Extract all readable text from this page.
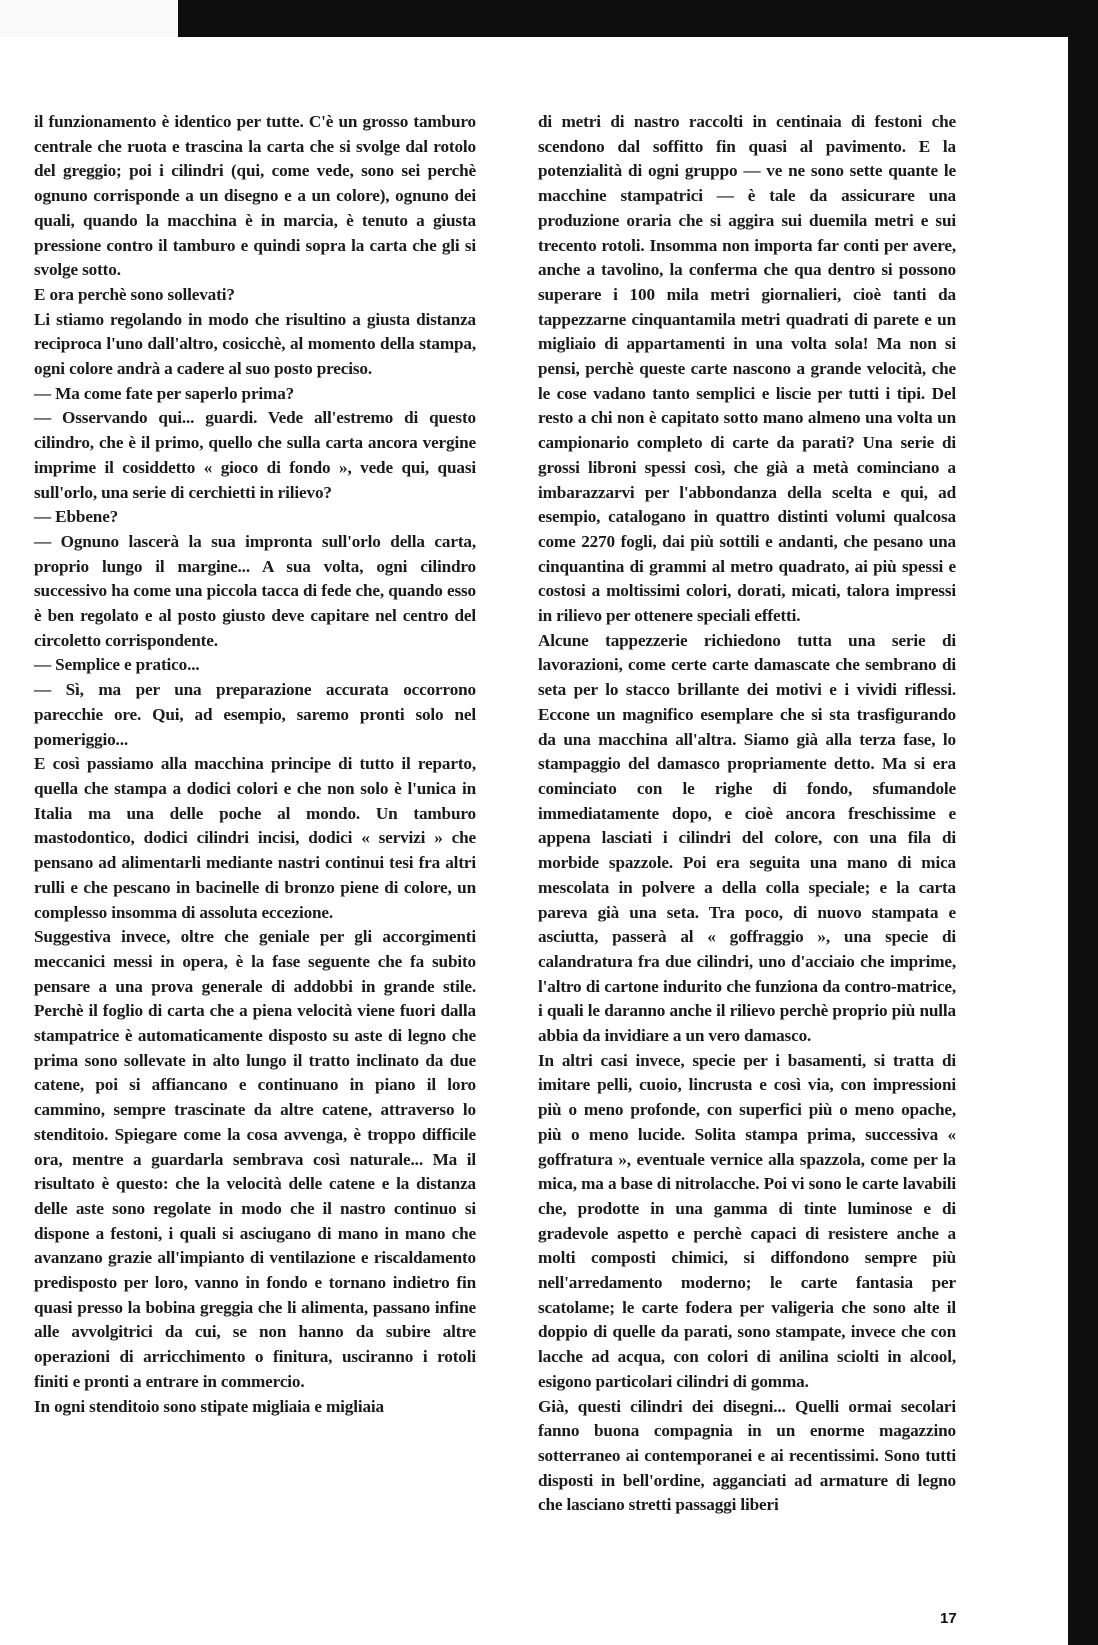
il funzionamento è identico per tutte. C'è un grosso tamburo centrale che ruota e trascina la carta che si svolge dal rotolo del greggio; poi i cilindri (qui, come vede, sono sei perchè ognuno corrisponde a un disegno e a un colore), ognuno dei quali, quando la macchina è in marcia, è tenuto a giusta pressione contro il tamburo e quindi sopra la carta che gli si svolge sotto.

E ora perchè sono sollevati?

Li stiamo regolando in modo che risultino a giusta distanza reciproca l'uno dall'altro, cosicchè, al momento della stampa, ogni colore andrà a cadere al suo posto preciso.

— Ma come fate per saperlo prima?

— Osservando qui... guardi. Vede all'estremo di questo cilindro, che è il primo, quello che sulla carta ancora vergine imprime il cosiddetto « gioco di fondo », vede qui, quasi sull'orlo, una serie di cerchietti in rilievo?

— Ebbene?

— Ognuno lascerà la sua impronta sull'orlo della carta, proprio lungo il margine... A sua volta, ogni cilindro successivo ha come una piccola tacca di fede che, quando esso è ben regolato e al posto giusto deve capitare nel centro del circoletto corrispondente.

— Semplice e pratico...

— Sì, ma per una preparazione accurata occorrono parecchie ore. Qui, ad esempio, saremo pronti solo nel pomeriggio...

E così passiamo alla macchina principe di tutto il reparto, quella che stampa a dodici colori e che non solo è l'unica in Italia ma una delle poche al mondo. Un tamburo mastodontico, dodici cilindri incisi, dodici « servizi » che pensano ad alimentarli mediante nastri continui tesi fra altri rulli e che pescano in bacinelle di bronzo piene di colore, un complesso insomma di assoluta eccezione.

Suggestiva invece, oltre che geniale per gli accorgimenti meccanici messi in opera, è la fase seguente che fa subito pensare a una prova generale di addobbi in grande stile. Perchè il foglio di carta che a piena velocità viene fuori dalla stampatrice è automaticamente disposto su aste di legno che prima sono sollevate in alto lungo il tratto inclinato da due catene, poi si affiancano e continuano in piano il loro cammino, sempre trascinate da altre catene, attraverso lo stenditoio. Spiegare come la cosa avvenga, è troppo difficile ora, mentre a guardarla sembrava così naturale... Ma il risultato è questo: che la velocità delle catene e la distanza delle aste sono regolate in modo che il nastro continuo si dispone a festoni, i quali si asciugano di mano in mano che avanzano grazie all'impianto di ventilazione e riscaldamento predisposto per loro, vanno in fondo e tornano indietro fin quasi presso la bobina greggia che li alimenta, passano infine alle avvolgitrici da cui, se non hanno da subire altre operazioni di arricchimento o finitura, usciranno i rotoli finiti e pronti a entrare in commercio.

In ogni stenditoio sono stipate migliaia e migliaia

di metri di nastro raccolti in centinaia di festoni che scendono dal soffitto fin quasi al pavimento. E la potenzialità di ogni gruppo — ve ne sono sette quante le macchine stampatrici — è tale da assicurare una produzione oraria che si aggira sui duemila metri e sui trecento rotoli. Insomma non importa far conti per avere, anche a tavolino, la conferma che qua dentro si possono superare i 100 mila metri giornalieri, cioè tanti da tappezzarne cinquantamila metri quadrati di parete e un migliaio di appartamenti in una volta sola! Ma non si pensi, perchè queste carte nascono a grande velocità, che le cose vadano tanto semplici e liscie per tutti i tipi. Del resto a chi non è capitato sotto mano almeno una volta un campionario completo di carte da parati? Una serie di grossi libroni spessi così, che già a metà cominciano a imbarazzarvi per l'abbondanza della scelta e qui, ad esempio, catalogano in quattro distinti volumi qualcosa come 2270 fogli, dai più sottili e andanti, che pesano una cinquantina di grammi al metro quadrato, ai più spessi e costosi a moltissimi colori, dorati, micati, talora impressi in rilievo per ottenere speciali effetti.

Alcune tappezzerie richiedono tutta una serie di lavorazioni, come certe carte damascate che sembrano di seta per lo stacco brillante dei motivi e i vividi riflessi. Eccone un magnifico esemplare che si sta trasfigurando da una macchina all'altra. Siamo già alla terza fase, lo stampaggio del damasco propriamente detto. Ma si era cominciato con le righe di fondo, sfumandole immediatamente dopo, e cioè ancora freschissime e appena lasciati i cilindri del colore, con una fila di morbide spazzole. Poi era seguita una mano di mica mescolata in polvere a della colla speciale; e la carta pareva già una seta. Tra poco, di nuovo stampata e asciutta, passerà al « goffraggio », una specie di calandratura fra due cilindri, uno d'acciaio che imprime, l'altro di cartone indurito che funziona da contro-matrice, i quali le daranno anche il rilievo perchè proprio più nulla abbia da invidiare a un vero damasco.

In altri casi invece, specie per i basamenti, si tratta di imitare pelli, cuoio, lincrusta e così via, con impressioni più o meno profonde, con superfici più o meno opache, più o meno lucide. Solita stampa prima, successiva « goffratura », eventuale vernice alla spazzola, come per la mica, ma a base di nitrolacche. Poi vi sono le carte lavabili che, prodotte in una gamma di tinte luminose e di gradevole aspetto e perchè capaci di resistere anche a molti composti chimici, si diffondono sempre più nell'arredamento moderno; le carte fantasia per scatolame; le carte fodera per valigeria che sono alte il doppio di quelle da parati, sono stampate, invece che con lacche ad acqua, con colori di anilina sciolti in alcool, esigono particolari cilindri di gomma.

Già, questi cilindri dei disegni... Quelli ormai secolari fanno buona compagnia in un enorme magazzino sotterraneo ai contemporanei e ai recentissimi. Sono tutti disposti in bell'ordine, agganciati ad armature di legno che lasciano stretti passaggi liberi

17
